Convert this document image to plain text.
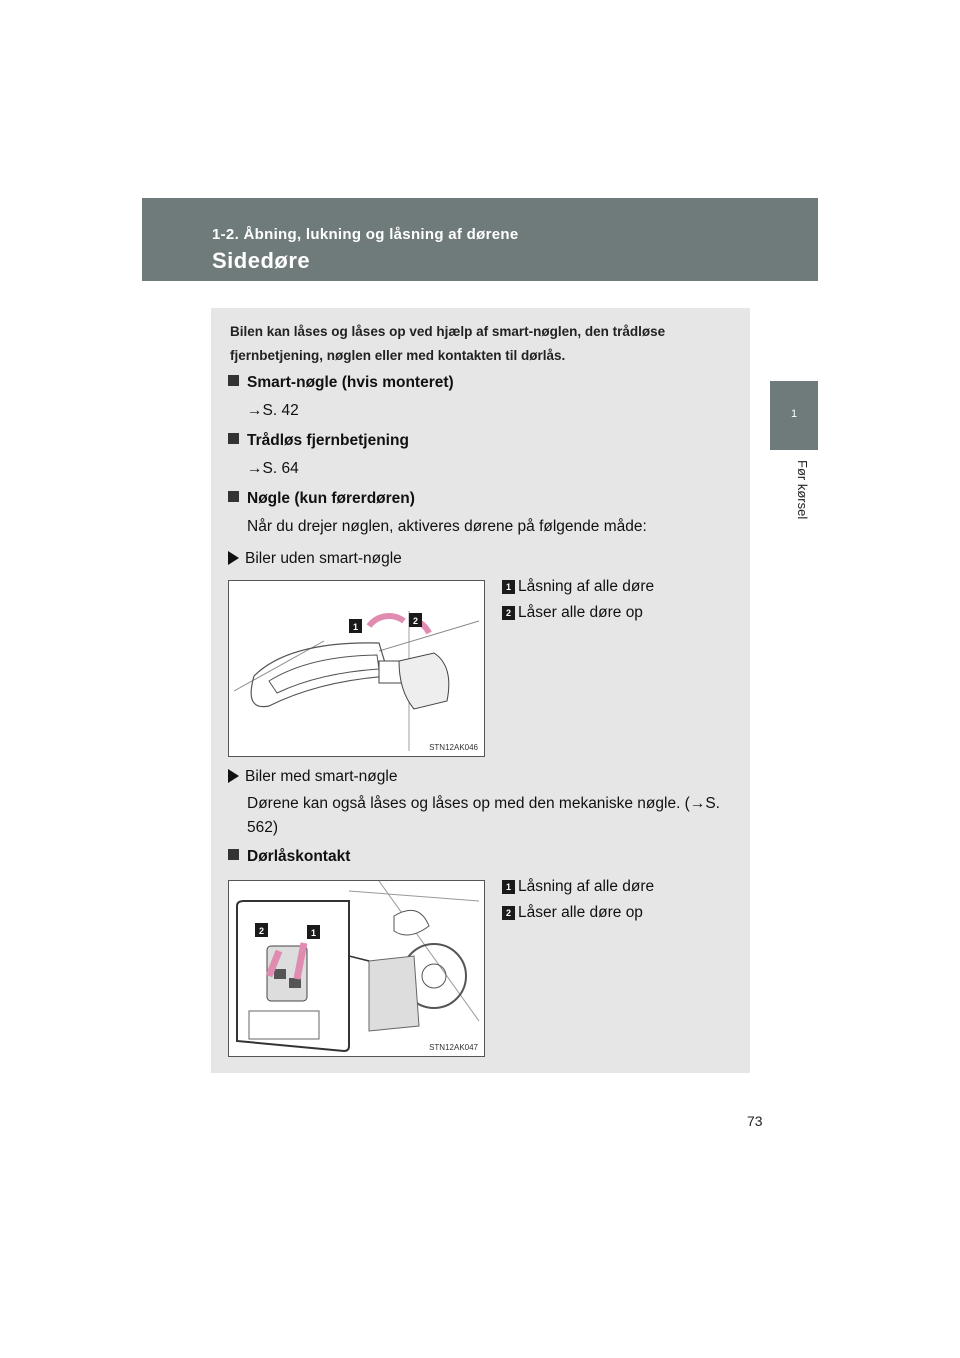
1-2. Åbning, lukning og låsning af dørene
Sidedøre
1
Før kørsel
Bilen kan låses og låses op ved hjælp af smart-nøglen, den trådløse fjernbetjening, nøglen eller med kontakten til dørlås.
Smart-nøgle (hvis monteret)
→S. 42
Trådløs fjernbetjening
→S. 64
Nøgle (kun førerdøren)
Når du drejer nøglen, aktiveres dørene på følgende måde:
Biler uden smart-nøgle
1 Låsning af alle døre
2 Låser alle døre op
1
2
STN12AK046
Biler med smart-nøgle
Dørene kan også låses og låses op med den mekaniske nøgle. (→S. 562)
Dørlåskontakt
1 Låsning af alle døre
2 Låser alle døre op
2	1
STN12AK047
73
